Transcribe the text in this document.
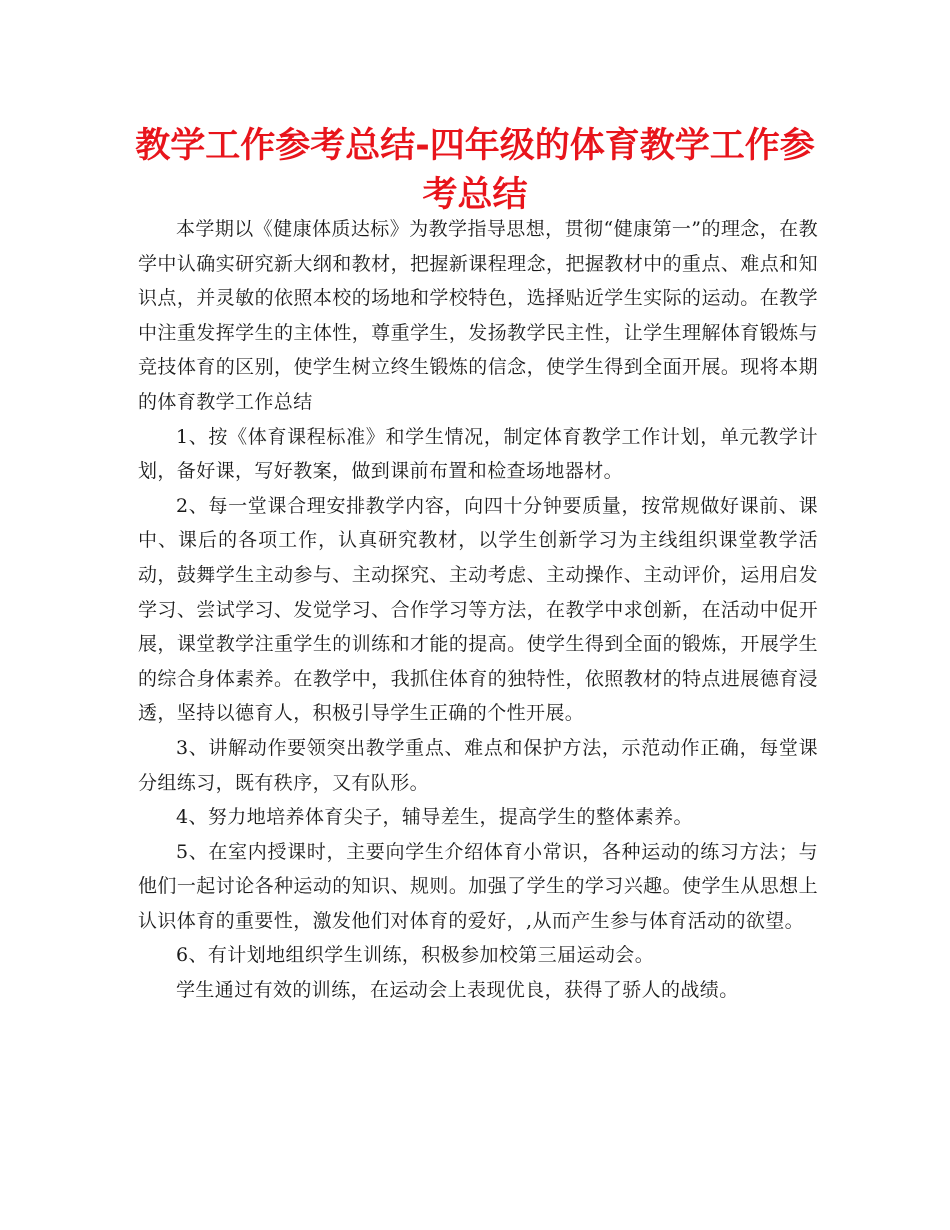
教学工作参考总结-四年级的体育教学工作参考总结

本学期以《健康体质达标》为教学指导思想，贯彻“健康第一”的理念，在教学中认确实研究新大纲和教材，把握新课程理念，把握教材中的重点、难点和知识点，并灵敏的依照本校的场地和学校特色，选择贴近学生实际的运动。在教学中注重发挥学生的主体性，尊重学生，发扬教学民主性，让学生理解体育锻炼与竞技体育的区别，使学生树立终生锻炼的信念，使学生得到全面开展。现将本期的体育教学工作总结

1、按《体育课程标准》和学生情况，制定体育教学工作计划，单元教学计划，备好课，写好教案，做到课前布置和检查场地器材。

2、每一堂课合理安排教学内容，向四十分钟要质量，按常规做好课前、课中、课后的各项工作，认真研究教材，以学生创新学习为主线组织课堂教学活动，鼓舞学生主动参与、主动探究、主动考虑、主动操作、主动评价，运用启发学习、尝试学习、发觉学习、合作学习等方法，在教学中求创新，在活动中促开展，课堂教学注重学生的训练和才能的提高。使学生得到全面的锻炼，开展学生的综合身体素养。在教学中，我抓住体育的独特性，依照教材的特点进展德育浸透，坚持以德育人，积极引导学生正确的个性开展。

3、讲解动作要领突出教学重点、难点和保护方法，示范动作正确，每堂课分组练习，既有秩序，又有队形。

4、努力地培养体育尖子，辅导差生，提高学生的整体素养。

5、在室内授课时，主要向学生介绍体育小常识，各种运动的练习方法；与他们一起讨论各种运动的知识、规则。加强了学生的学习兴趣。使学生从思想上认识体育的重要性，激发他们对体育的爱好，,从而产生参与体育活动的欲望。

6、有计划地组织学生训练，积极参加校第三届运动会。

学生通过有效的训练，在运动会上表现优良，获得了骄人的战绩。
